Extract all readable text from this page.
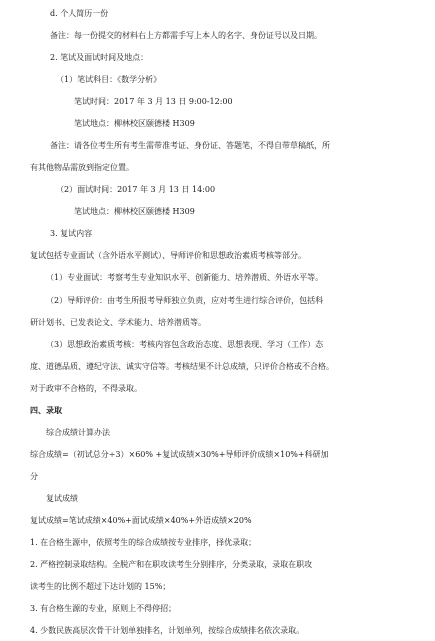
d. 个人简历一份
备注：每一份提交的材料右上方都需手写上本人的名字、身份证号以及日期。
2. 笔试及面试时间及地点：
（1）笔试科目：《数学分析》
笔试时间：2017 年 3 月 13 日 9:00-12:00
笔试地点：柳林校区颐德楼 H309
备注：请各位考生所有考生需带准考证、身份证、答题笔，不得自带草稿纸，所
有其他物品需放到指定位置。
（2）面试时间：2017 年 3 月 13 日 14:00
笔试地点：柳林校区颐德楼 H309
3. 复试内容
复试包括专业面试（含外语水平测试）、导师评价和思想政治素质考核等部分。
（1）专业面试：考察考生专业知识水平、创新能力、培养潜质、外语水平等。
（2）导师评价：由考生所报考导师独立负责，应对考生进行综合评价，包括科
研计划书、已发表论文、学术能力、培养潜质等。
（3）思想政治素质考核：考核内容包含政治态度、思想表现、学习（工作）态
度、道德品质、遵纪守法、诚实守信等。考核结果不计总成绩，只评价合格或不合格。
对于政审不合格的，不得录取。
四、录取
综合成绩计算办法
综合成绩=（初试总分÷3）×60% +复试成绩×30%+导师评价成绩×10%+科研加
分
复试成绩
复试成绩=笔试成绩×40%+面试成绩×40%+外语成绩×20%
1. 在合格生源中，依照考生的综合成绩按专业排序，择优录取；
2. 严格控制录取结构。全脱产和在职攻读考生分别排序，分类录取，录取在职攻
读考生的比例不超过下达计划的 15%；
3. 有合格生源的专业，原则上不得停招；
4. 少数民族高层次骨干计划单独排名，计划单列，按综合成绩排名依次录取。
